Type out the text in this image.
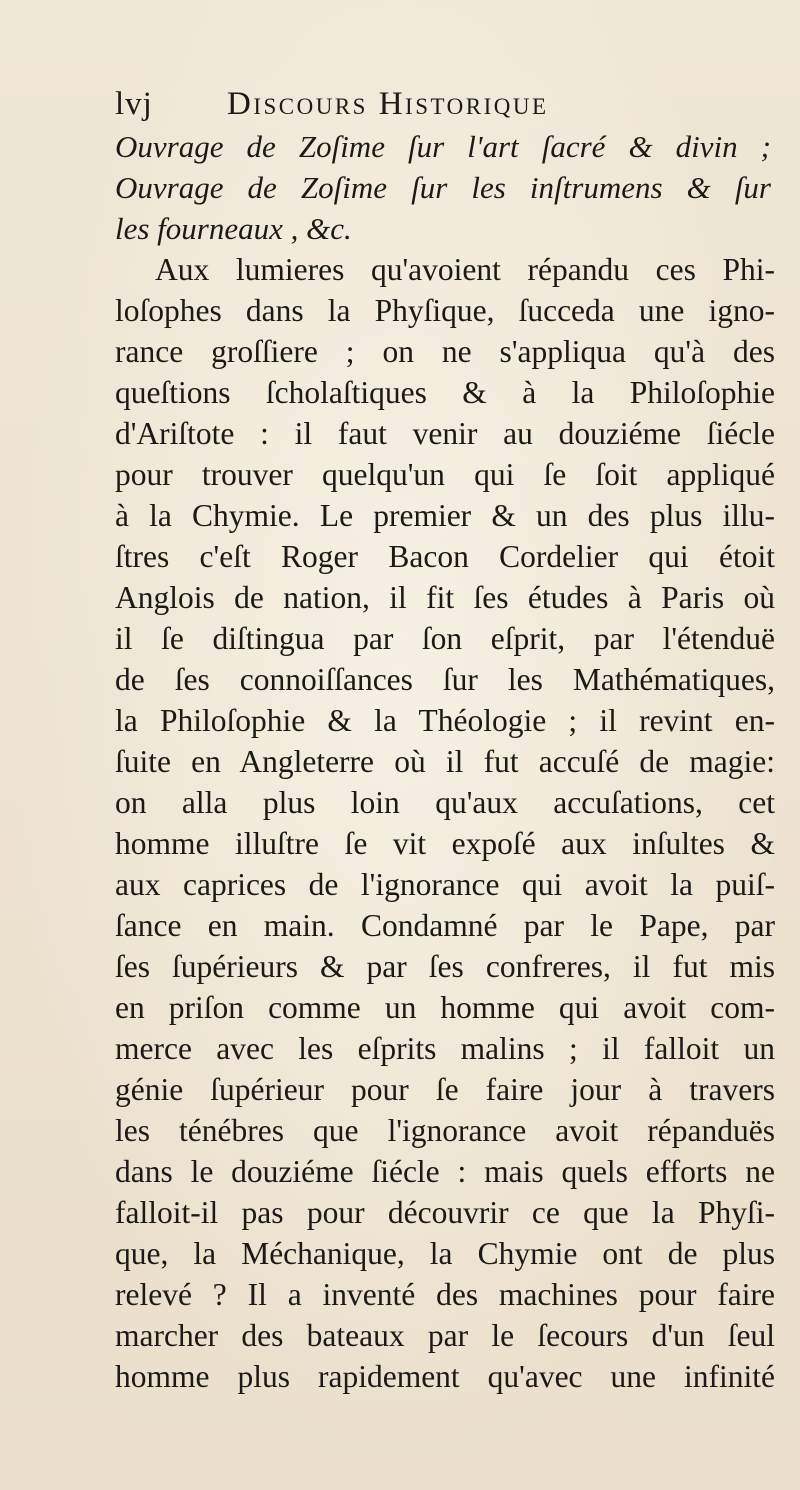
lvj Discours Historique
Ouvrage de Zoſime ſur l'art ſacré & divin ;
Ouvrage de Zoſime ſur les inſtrumens & ſur
les fourneaux , &c.
Aux lumieres qu'avoient répandu ces Phi-
loſophes dans la Phyſique, ſucceda une igno-
rance groſſiere ; on ne s'appliqua qu'à des
queſtions ſcholaſtiques & à la Philoſophie
d'Ariſtote : il faut venir au douziéme ſiécle
pour trouver quelqu'un qui ſe ſoit appliqué
à la Chymie. Le premier & un des plus illu-
ſtres c'eſt Roger Bacon Cordelier qui étoit
Anglois de nation, il fit ſes études à Paris où
il ſe diſtingua par ſon eſprit, par l'étenduë
de ſes connoiſſances ſur les Mathématiques,
la Philoſophie & la Théologie ; il revint en-
ſuite en Angleterre où il fut accuſé de magie:
on alla plus loin qu'aux accuſations, cet
homme illuſtre ſe vit expoſé aux inſultes &
aux caprices de l'ignorance qui avoit la puiſ-
ſance en main. Condamné par le Pape, par
ſes ſupérieurs & par ſes confreres, il fut mis
en priſon comme un homme qui avoit com-
merce avec les eſprits malins ; il falloit un
génie ſupérieur pour ſe faire jour à travers
les ténébres que l'ignorance avoit répanduës
dans le douziéme ſiécle : mais quels efforts ne
falloit-il pas pour découvrir ce que la Phyſi-
que, la Méchanique, la Chymie ont de plus
relevé ? Il a inventé des machines pour faire
marcher des bateaux par le ſecours d'un ſeul
homme plus rapidement qu'avec une infinité
